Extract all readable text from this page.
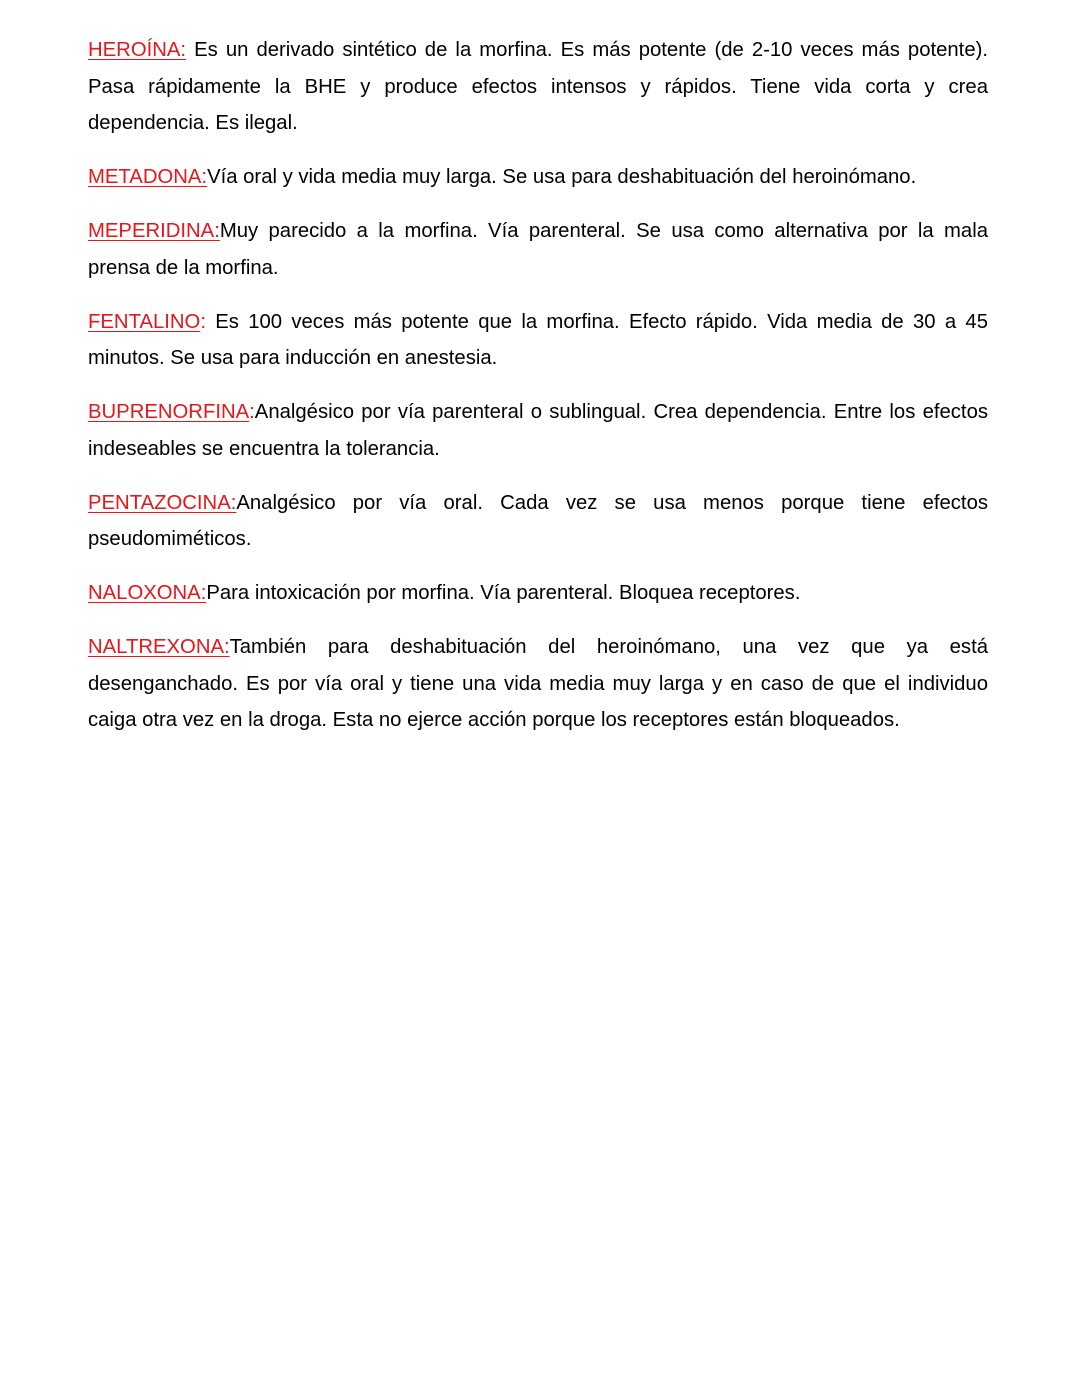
HEROÍNA: Es un derivado sintético de la morfina. Es más potente (de 2-10 veces más potente). Pasa rápidamente la BHE y produce efectos intensos y rápidos. Tiene vida corta y crea dependencia. Es ilegal.

METADONA:Vía oral y vida media muy larga. Se usa para deshabituación del heroinómano.

MEPERIDINA:Muy parecido a la morfina. Vía parenteral. Se usa como alternativa por la mala prensa de la morfina.

FENTALINO: Es 100 veces más potente que la morfina. Efecto rápido. Vida media de 30 a 45 minutos. Se usa para inducción en anestesia.

BUPRENORFINA:Analgésico por vía parenteral o sublingual. Crea dependencia. Entre los efectos indeseables se encuentra la tolerancia.

PENTAZOCINA:Analgésico por vía oral. Cada vez se usa menos porque tiene efectos pseudomiméticos.

NALOXONA:Para intoxicación por morfina. Vía parenteral. Bloquea receptores.

NALTREXONA:También para deshabituación del heroinómano, una vez que ya está desenganchado. Es por vía oral y tiene una vida media muy larga y en caso de que el individuo caiga otra vez en la droga. Esta no ejerce acción porque los receptores están bloqueados.
